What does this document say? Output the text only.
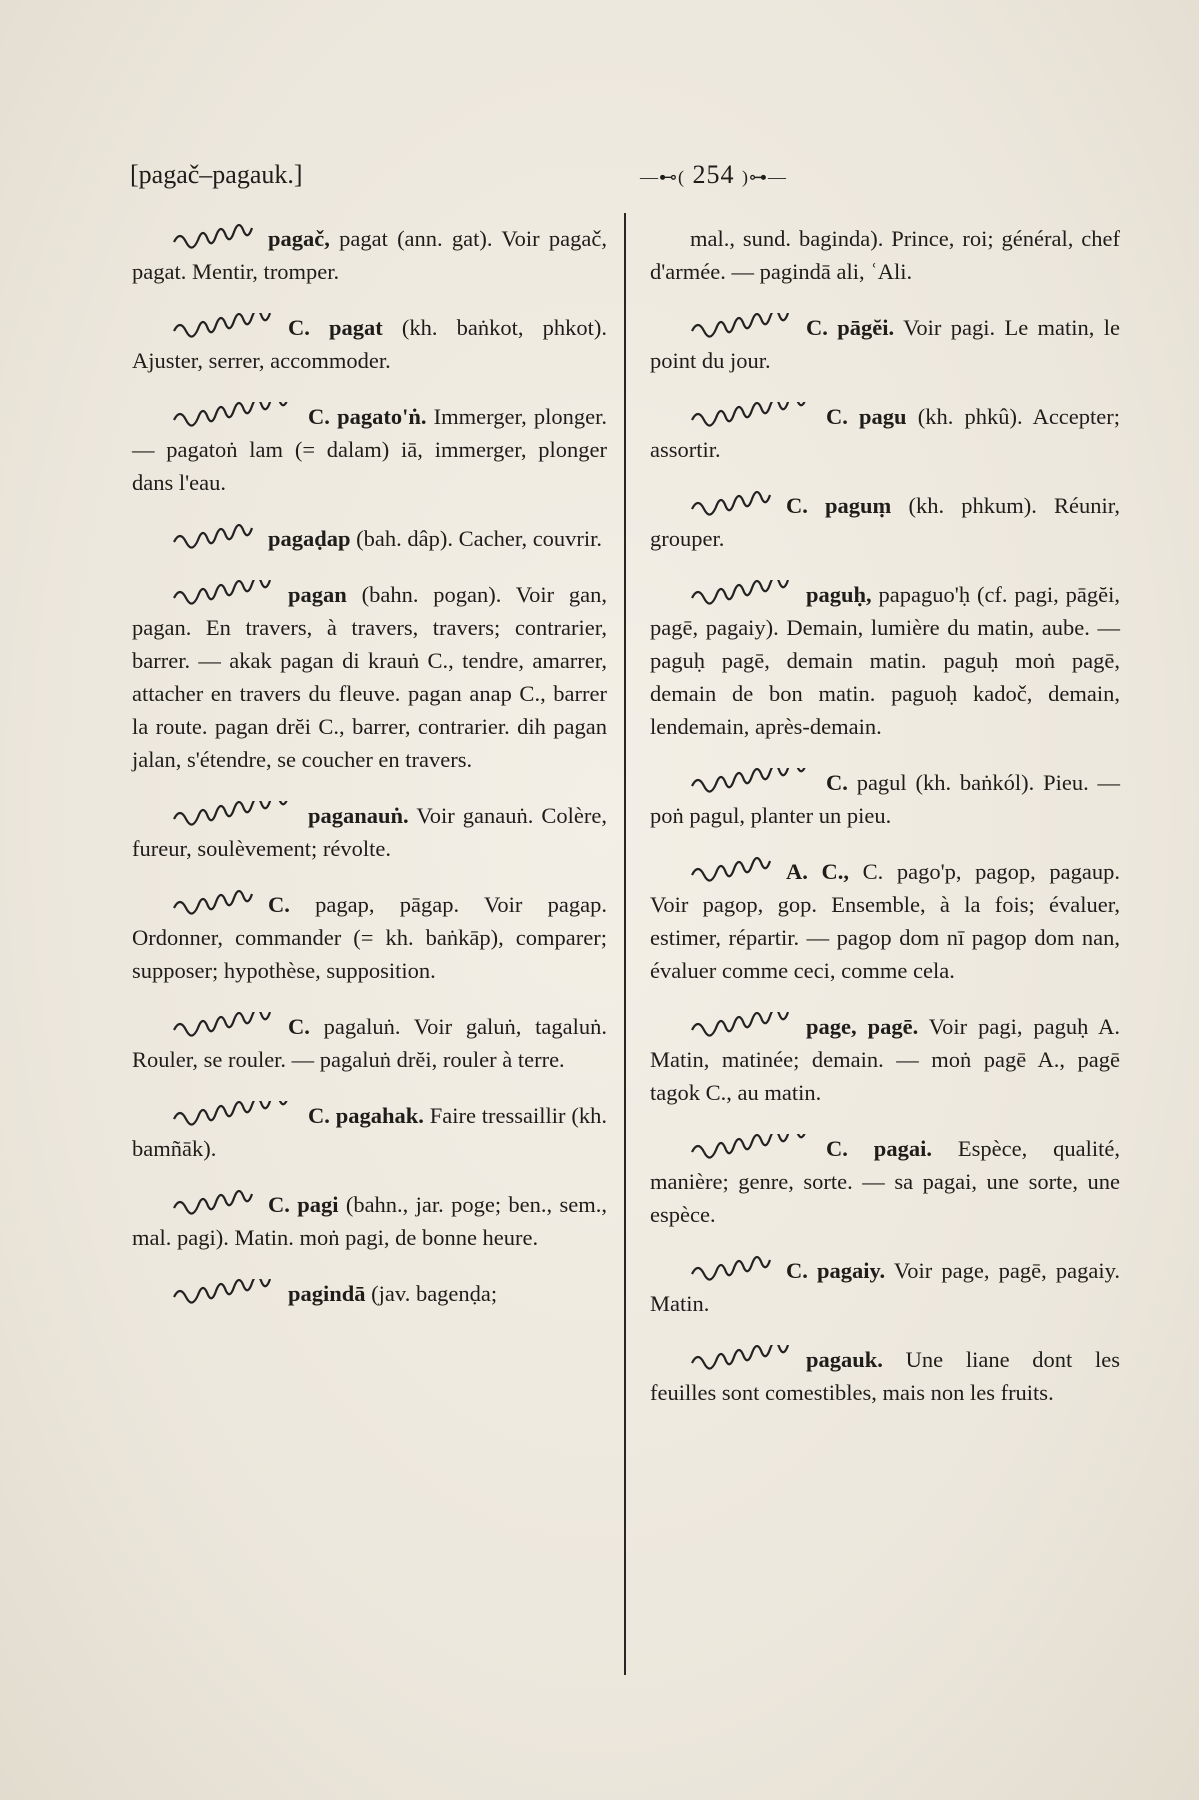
[pagač–pagauk.]	—⊷( 254 )⊶—

pagač, pagat (ann. gat). Voir pagač, pagat. Mentir, tromper.

C. pagat (kh. baṅkot, phkot). Ajuster, serrer, accommoder.

C. pagato'ṅ. Immerger, plonger. — pagatoṅ lam (= dalam) iā, immerger, plonger dans l'eau.

pagaḍap (bah. dâp). Cacher, couvrir.

pagan (bahn. pogan). Voir gan, pagan. En travers, à travers, travers; contrarier, barrer. — akak pagan di krauṅ C., tendre, amarrer, attacher en travers du fleuve. pagan anap C., barrer la route. pagan drĕi C., barrer, contrarier. dih pagan jalan, s'étendre, se coucher en travers.

paganauṅ. Voir ganauṅ. Colère, fureur, soulèvement; révolte.

C. pagap, pāgap. Voir pagap. Ordonner, commander (= kh. baṅkāp), comparer; supposer; hypothèse, supposition.

C. pagaluṅ. Voir galuṅ, tagaluṅ. Rouler, se rouler. — pagaluṅ drĕi, rouler à terre.

C. pagahak. Faire tressaillir (kh. bamñāk).

C. pagi (bahn., jar. poge; ben., sem., mal. pagi). Matin. moṅ pagi, de bonne heure.

pagindā (jav. bagenḍa;

mal., sund. baginda). Prince, roi; général, chef d'armée. — pagindā ali, ʿAli.

C. pāgĕi. Voir pagi. Le matin, le point du jour.

C. pagu (kh. phkû). Accepter; assortir.

C. paguṃ (kh. phkum). Réunir, grouper.

paguḥ, papaguo'ḥ (cf. pagi, pāgĕi, pagē, pagaiy). Demain, lumière du matin, aube. — paguḥ pagē, demain matin. paguḥ moṅ pagē, demain de bon matin. paguoḥ kadoč, demain, lendemain, après-demain.

C. pagul (kh. baṅkól). Pieu. — poṅ pagul, planter un pieu.

A. C., C. pago'p, pagop, pagaup. Voir pagop, gop. Ensemble, à la fois; évaluer, estimer, répartir. — pagop dom nī pagop dom nan, évaluer comme ceci, comme cela.

page, pagē. Voir pagi, paguḥ A. Matin, matinée; demain. — moṅ pagē A., pagē tagok C., au matin.

C. pagai. Espèce, qualité, manière; genre, sorte. — sa pagai, une sorte, une espèce.

C. pagaiy. Voir page, pagē, pagaiy. Matin.

pagauk. Une liane dont les feuilles sont comestibles, mais non les fruits.
